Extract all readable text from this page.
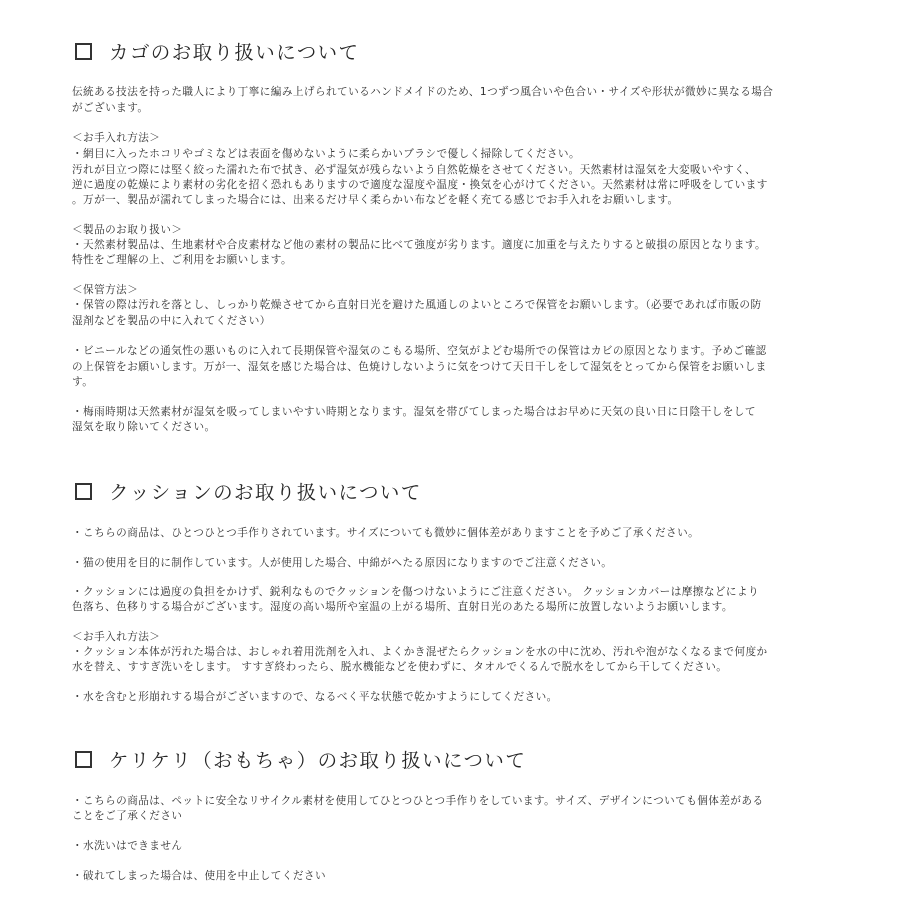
カゴのお取り扱いについて
伝統ある技法を持った職人により丁寧に編み上げられているハンドメイドのため、1つずつ風合いや色合い・サイズや形状が微妙に異なる場合
がございます。
＜お手入れ方法＞
・網目に入ったホコリやゴミなどは表面を傷めないように柔らかいブラシで優しく掃除してください。
汚れが目立つ際には堅く絞った濡れた布で拭き、必ず湿気が残らないよう自然乾燥をさせてください。天然素材は湿気を大変吸いやすく、
逆に過度の乾燥により素材の劣化を招く恐れもありますので適度な湿度や温度・換気を心がけてください。天然素材は常に呼吸をしています
。万が一、製品が濡れてしまった場合には、出来るだけ早く柔らかい布などを軽く充てる感じでお手入れをお願いします。
＜製品のお取り扱い＞
・天然素材製品は、生地素材や合皮素材など他の素材の製品に比べて強度が劣ります。適度に加重を与えたりすると破損の原因となります。
特性をご理解の上、ご利用をお願いします。
＜保管方法＞
・保管の際は汚れを落とし、しっかり乾燥させてから直射日光を避けた風通しのよいところで保管をお願いします。（必要であれば市販の防
湿剤などを製品の中に入れてください）
・ビニールなどの通気性の悪いものに入れて長期保管や湿気のこもる場所、空気がよどむ場所での保管はカビの原因となります。予めご確認
の上保管をお願いします。万が一、湿気を感じた場合は、色焼けしないように気をつけて天日干しをして湿気をとってから保管をお願いしま
す。
・梅雨時期は天然素材が湿気を吸ってしまいやすい時期となります。湿気を帯びてしまった場合はお早めに天気の良い日に日陰干しをして
湿気を取り除いてください。
クッションのお取り扱いについて
・こちらの商品は、ひとつひとつ手作りされています。サイズについても微妙に個体差がありますことを予めご了承ください。
・猫の使用を目的に制作しています。人が使用した場合、中綿がへたる原因になりますのでご注意ください。
・クッションには過度の負担をかけず、鋭利なものでクッションを傷つけないようにご注意ください。 クッションカバーは摩擦などにより
色落ち、色移りする場合がございます。湿度の高い場所や室温の上がる場所、直射日光のあたる場所に放置しないようお願いします。
＜お手入れ方法＞
・クッション本体が汚れた場合は、おしゃれ着用洗剤を入れ、よくかき混ぜたらクッションを水の中に沈め、汚れや泡がなくなるまで何度か
水を替え、すすぎ洗いをします。 すすぎ終わったら、脱水機能などを使わずに、タオルでくるんで脱水をしてから干してください。
・水を含むと形崩れする場合がございますので、なるべく平な状態で乾かすようにしてください。
ケリケリ（おもちゃ）のお取り扱いについて
・こちらの商品は、ペットに安全なリサイクル素材を使用してひとつひとつ手作りをしています。サイズ、デザインについても個体差がある
ことをご了承ください
・水洗いはできません
・破れてしまった場合は、使用を中止してください
